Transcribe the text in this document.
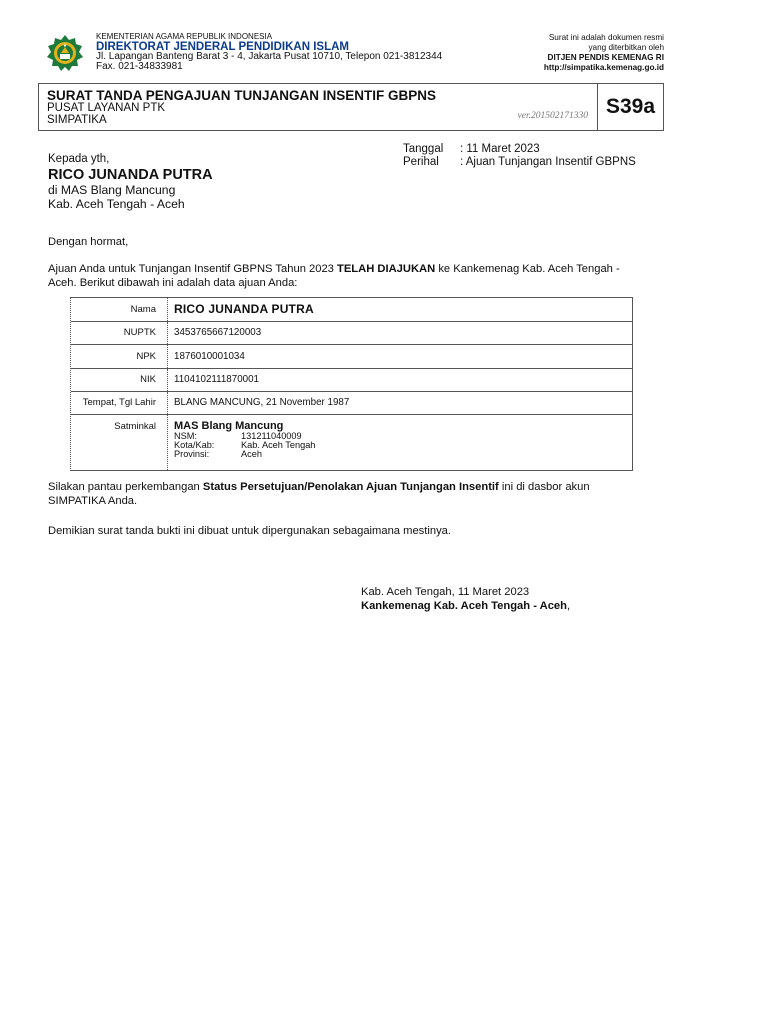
KEMENTERIAN AGAMA REPUBLIK INDONESIA
DIREKTORAT JENDERAL PENDIDIKAN ISLAM
Jl. Lapangan Banteng Barat 3 - 4, Jakarta Pusat 10710, Telepon 021-3812344
Fax. 021-34833981
Surat ini adalah dokumen resmi
yang diterbitkan oleh
DITJEN PENDIS KEMENAG RI
http://simpatika.kemenag.go.id
SURAT TANDA PENGAJUAN TUNJANGAN INSENTIF GBPNS
PUSAT LAYANAN PTK
SIMPATIKA	ver.201502171330 S39a
Tanggal : 11 Maret 2023
Perihal : Ajuan Tunjangan Insentif GBPNS
Kepada yth,
RICO JUNANDA PUTRA
di MAS Blang Mancung
Kab. Aceh Tengah - Aceh
Dengan hormat,
Ajuan Anda untuk Tunjangan Insentif GBPNS Tahun 2023 TELAH DIAJUKAN ke Kankemenag Kab. Aceh Tengah - Aceh. Berikut dibawah ini adalah data ajuan Anda:
Nama	RICO JUNANDA PUTRA
NUPTK	3453765667120003
NPK	1876010001034
NIK	1104102111870001
Tempat, Tgl Lahir	BLANG MANCUNG, 21 November 1987
Satminkal	MAS Blang Mancung
NSM:	131211040009
Kota/Kab:	Kab. Aceh Tengah
Provinsi:	Aceh
Silakan pantau perkembangan Status Persetujuan/Penolakan Ajuan Tunjangan Insentif ini di dasbor akun SIMPATIKA Anda.
Demikian surat tanda bukti ini dibuat untuk dipergunakan sebagaimana mestinya.
Kab. Aceh Tengah, 11 Maret 2023
Kankemenag Kab. Aceh Tengah - Aceh,
